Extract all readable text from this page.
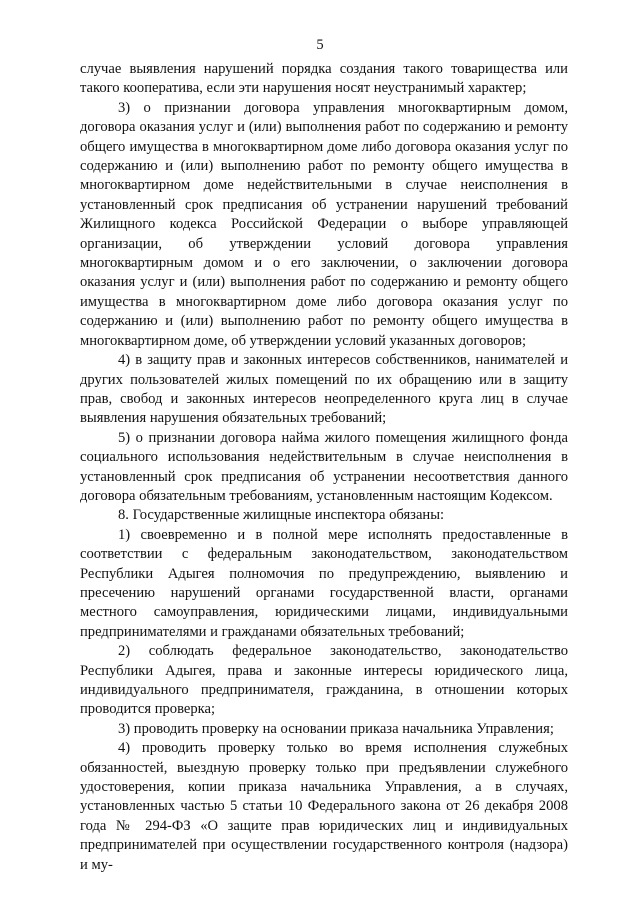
5

случае выявления нарушений порядка создания такого товарищества или такого кооператива, если эти нарушения носят неустранимый характер;

3) о признании договора управления многоквартирным домом, договора оказания услуг и (или) выполнения работ по содержанию и ремонту общего имущества в многоквартирном доме либо договора оказания услуг по содержанию и (или) выполнению работ по ремонту общего имущества в многоквартирном доме недействительными в случае неисполнения в установленный срок предписания об устранении нарушений требований Жилищного кодекса Российской Федерации о выборе управляющей организации, об утверждении условий договора управления многоквартирным домом и о его заключении, о заключении договора оказания услуг и (или) выполнения работ по содержанию и ремонту общего имущества в многоквартирном доме либо договора оказания услуг по содержанию и (или) выполнению работ по ремонту общего имущества в многоквартирном доме, об утверждении условий указанных договоров;

4) в защиту прав и законных интересов собственников, нанимателей и других пользователей жилых помещений по их обращению или в защиту прав, свобод и законных интересов неопределенного круга лиц в случае выявления нарушения обязательных требований;

5) о признании договора найма жилого помещения жилищного фонда социального использования недействительным в случае неисполнения в установленный срок предписания об устранении несоответствия данного договора обязательным требованиям, установленным настоящим Кодексом.

8. Государственные жилищные инспектора обязаны:

1) своевременно и в полной мере исполнять предоставленные в соответствии с федеральным законодательством, законодательством Республики Адыгея полномочия по предупреждению, выявлению и пресечению нарушений органами государственной власти, органами местного самоуправления, юридическими лицами, индивидуальными предпринимателями и гражданами обязательных требований;

2) соблюдать федеральное законодательство, законодательство Республики Адыгея, права и законные интересы юридического лица, индивидуального предпринимателя, гражданина, в отношении которых проводится проверка;

3) проводить проверку на основании приказа начальника Управления;

4) проводить проверку только во время исполнения служебных обязанностей, выездную проверку только при предъявлении служебного удостоверения, копии приказа начальника Управления, а в случаях, установленных частью 5 статьи 10 Федерального закона от 26 декабря 2008 года № 294-ФЗ «О защите прав юридических лиц и индивидуальных предпринимателей при осуществлении государственного контроля (надзора) и му-
